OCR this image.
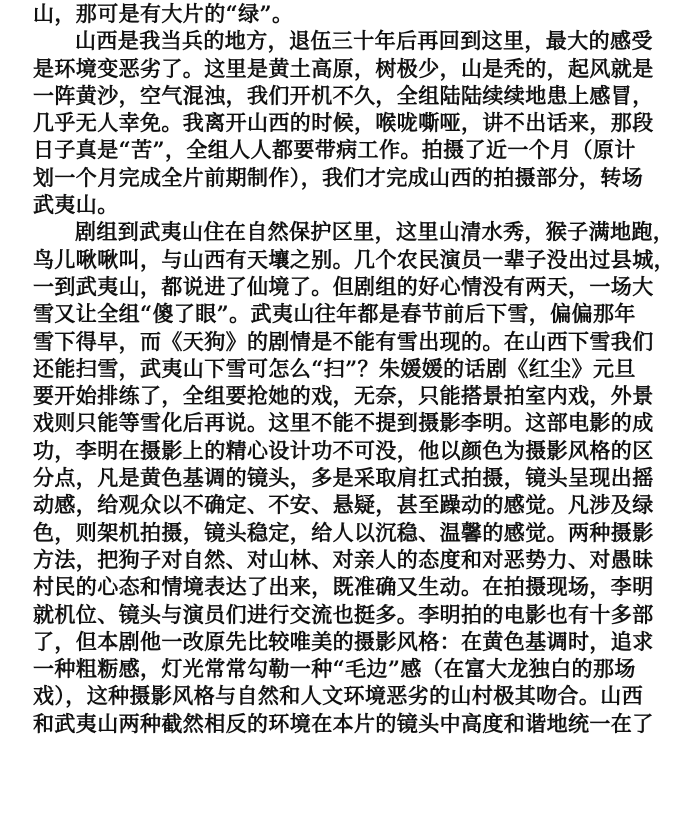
山，那可是有大片的“绿”。

山西是我当兵的地方，退伍三十年后再回到这里，最大的感受
是环境变恶劣了。这里是黄土高原，树极少，山是秃的，起风就是
一阵黄沙，空气混浊，我们开机不久，全组陆陆续续地患上感冒，
几乎无人幸免。我离开山西的时候，喉咙嘶哑，讲不出话来，那段
日子真是“苦”，全组人人都要带病工作。拍摄了近一个月（原计
划一个月完成全片前期制作），我们才完成山西的拍摄部分，转场
武夷山。

剧组到武夷山住在自然保护区里，这里山清水秀，猴子满地跑，
鸟儿啾啾叫，与山西有天壤之别。几个农民演员一辈子没出过县城，
一到武夷山，都说进了仙境了。但剧组的好心情没有两天，一场大
雪又让全组“傻了眼”。武夷山往年都是春节前后下雪，偏偏那年
雪下得早，而《天狗》的剧情是不能有雪出现的。在山西下雪我们
还能扫雪，武夷山下雪可怎么“扫”？朱媛媛的话剧《红尘》元旦
要开始排练了，全组要抢她的戏，无奈，只能搭景拍室内戏，外景
戏则只能等雪化后再说。这里不能不提到摄影李明。这部电影的成
功，李明在摄影上的精心设计功不可没，他以颜色为摄影风格的区
分点，凡是黄色基调的镜头，多是采取肩扛式拍摄，镜头呈现出摇
动感，给观众以不确定、不安、悬疑，甚至躁动的感觉。凡涉及绿
色，则架机拍摄，镜头稳定，给人以沉稳、温馨的感觉。两种摄影
方法，把狗子对自然、对山林、对亲人的态度和对恶势力、对愚昧
村民的心态和情境表达了出来，既准确又生动。在拍摄现场，李明
就机位、镜头与演员们进行交流也挺多。李明拍的电影也有十多部
了，但本剧他一改原先比较唯美的摄影风格：在黄色基调时，追求
一种粗粝感，灯光常常勾勒一种“毛边”感（在富大龙独白的那场
戏），这种摄影风格与自然和人文环境恶劣的山村极其吻合。山西
和武夷山两种截然相反的环境在本片的镜头中高度和谐地统一在了
